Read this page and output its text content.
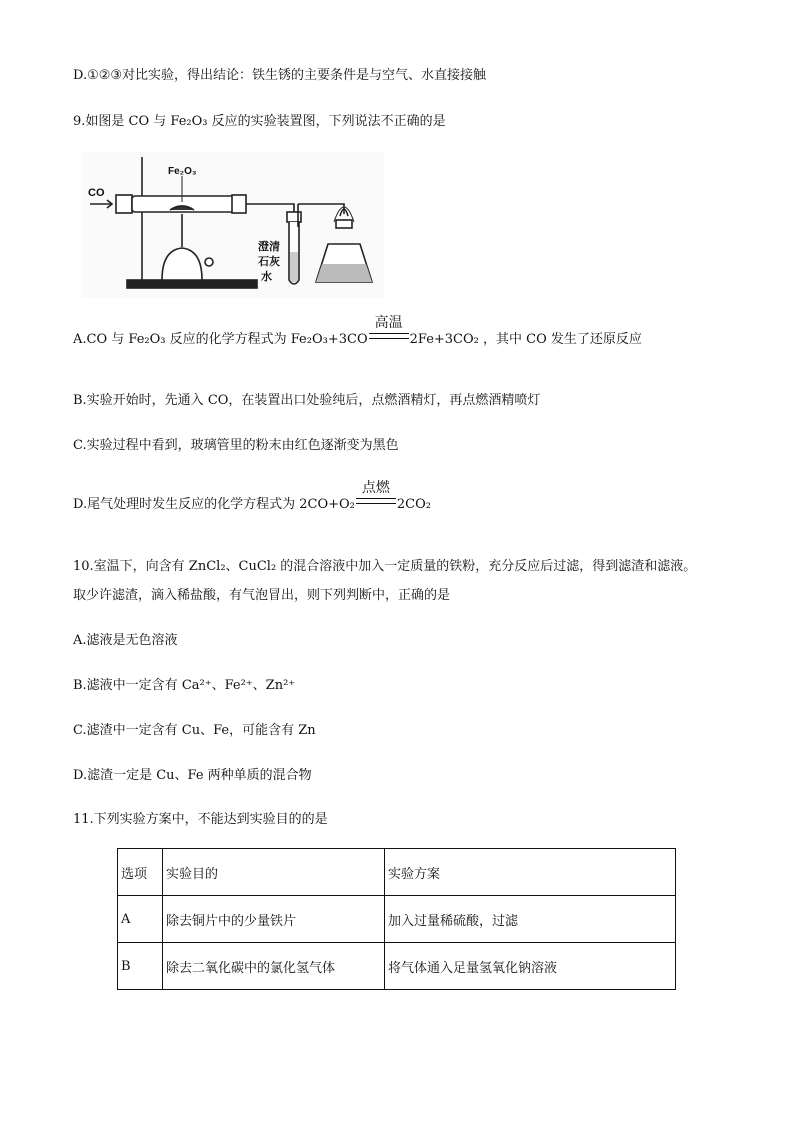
D.①②③对比实验，得出结论：铁生锈的主要条件是与空气、水直接接触
9.如图是 CO 与 Fe₂O₃ 反应的实验装置图，下列说法不正确的是
CO
Fe₂O₃
澄清
石灰
水
A.CO 与 Fe₂O₃ 反应的化学方程式为 Fe₂O₃+3CO
高温
2Fe+3CO₂ ，其中 CO 发生了还原反应
B.实验开始时，先通入 CO，在装置出口处验纯后，点燃酒精灯，再点燃酒精喷灯
C.实验过程中看到，玻璃管里的粉末由红色逐渐变为黑色
D.尾气处理时发生反应的化学方程式为 2CO+O₂
点燃
2CO₂
10.室温下，向含有 ZnCl₂、CuCl₂ 的混合溶液中加入一定质量的铁粉，充分反应后过滤，得到滤渣和滤液。
取少许滤渣，滴入稀盐酸，有气泡冒出，则下列判断中，正确的是
A.滤液是无色溶液
B.滤液中一定含有 Ca²⁺、Fe²⁺、Zn²⁺
C.滤渣中一定含有 Cu、Fe，可能含有 Zn
D.滤渣一定是 Cu、Fe 两种单质的混合物
11.下列实验方案中，不能达到实验目的的是
选项	实验目的	实验方案
A	除去铜片中的少量铁片	加入过量稀硫酸，过滤
B	除去二氧化碳中的氯化氢气体	将气体通入足量氢氧化钠溶液
